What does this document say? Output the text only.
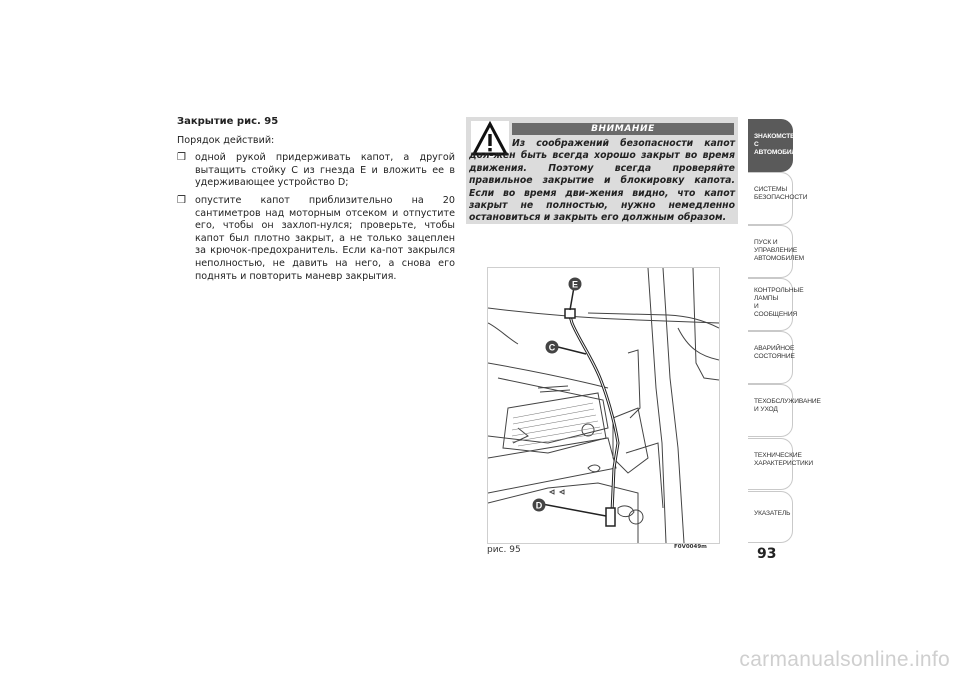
Закрытие рис. 95
Порядок действий:
❒ одной рукой придерживать капот, а другой вытащить стойку C из гнезда E и вложить ее в удерживающее устройство D;
❒ опустите капот приблизительно на 20 сантиметров над моторным отсеком и отпустите его, чтобы он захлоп-нулся; проверьте, чтобы капот был плотно закрыт, а не только зацеплен за крючок-предохранитель. Если ка-пот закрылся неполностью, не давить на него, а снова его поднять и повторить маневр закрытия.
ВНИМАНИЕ
Из соображений безопасности капот дол-жен быть всегда хорошо закрыт во время движения. Поэтому всегда проверяйте правильное закрытие и блокировку капота. Если во время дви-жения видно, что капот закрыт не полностью, нужно немедленно остановиться и закрыть его должным образом.
E
C
D
рис. 95	F0V0049m
ЗНАКОМСТВО С
АВТОМОБИЛЕМ
СИСТЕМЫ
БЕЗОПАСНОСТИ
ПУСК И УПРАВЛЕНИЕ
АВТОМОБИЛЕМ
КОНТРОЛЬНЫЕ
ЛАМПЫ
И СООБЩЕНИЯ
АВАРИЙНОЕ
СОСТОЯНИЕ
ТЕХОБСЛУЖИВАНИЕ
И УХОД
ТЕХНИЧЕСКИЕ
ХАРАКТЕРИСТИКИ
УКАЗАТЕЛЬ
93
carmanualsonline.info
